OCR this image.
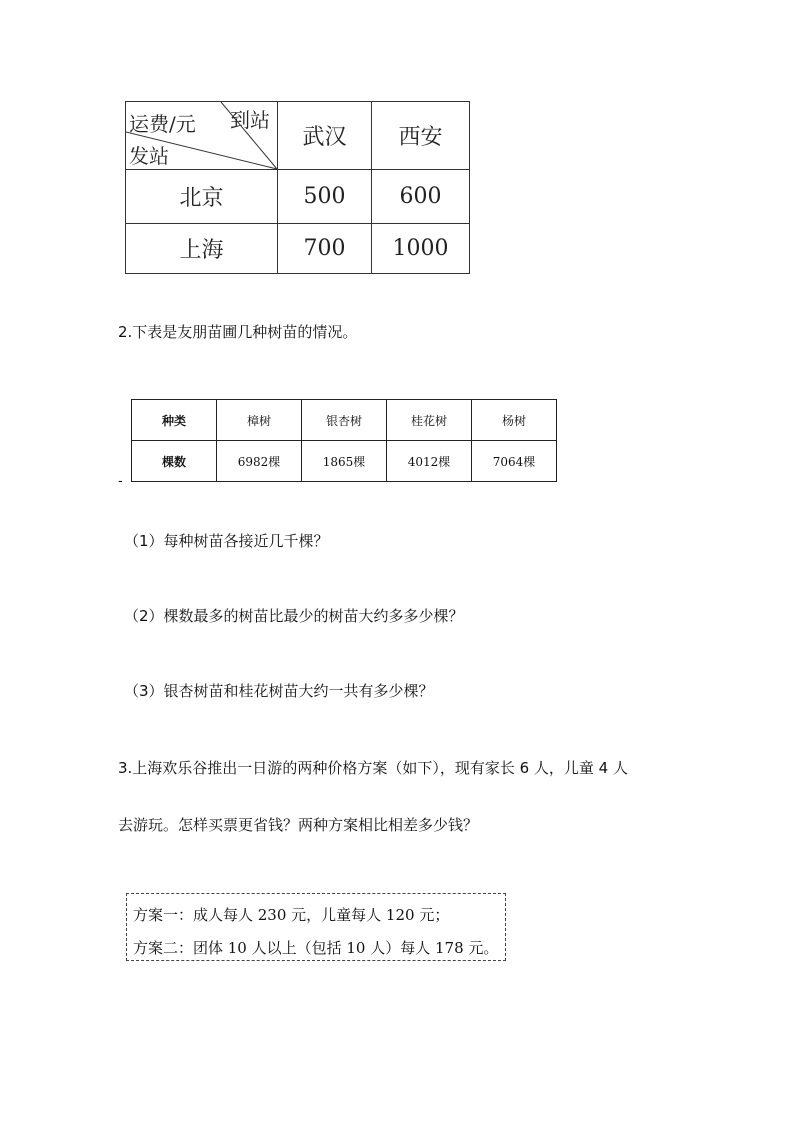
运费/元 到站
发站
武汉	西安
北京	500	600
上海	700	1000
2.下表是友朋苗圃几种树苗的情况。
种类	樟树	银杏树	桂花树	杨树
棵数	6982棵	1865棵	4012棵	7064棵
-
（1）每种树苗各接近几千棵？
（2）棵数最多的树苗比最少的树苗大约多多少棵？
（3）银杏树苗和桂花树苗大约一共有多少棵？
3.上海欢乐谷推出一日游的两种价格方案（如下），现有家长 6 人，儿童 4 人
去游玩。怎样买票更省钱？两种方案相比相差多少钱？
方案一：成人每人 230 元，儿童每人 120 元；
方案二：团体 10 人以上（包括 10 人）每人 178 元。
